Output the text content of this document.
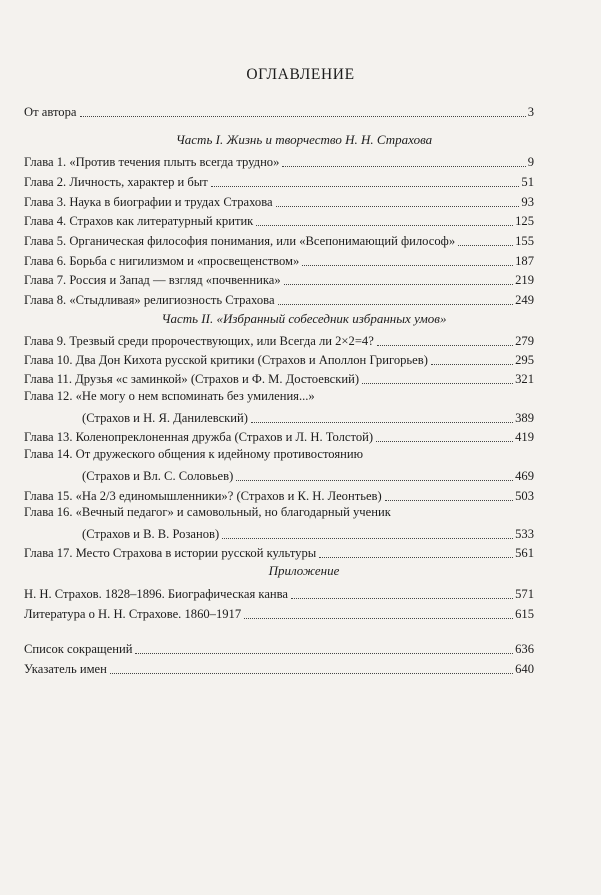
ОГЛАВЛЕНИЕ
От автора	3
Часть I. Жизнь и творчество Н. Н. Страхова
Глава 1. «Против течения плыть всегда трудно»	9
Глава 2. Личность, характер и быт	51
Глава 3. Наука в биографии и трудах Страхова	93
Глава 4. Страхов как литературный критик	125
Глава 5. Органическая философия понимания, или «Всепонимающий философ»	155
Глава 6. Борьба с нигилизмом и «просвещенством»	187
Глава 7. Россия и Запад — взгляд «почвенника»	219
Глава 8. «Стыдливая» религиозность Страхова	249
Часть II. «Избранный собеседник избранных умов»
Глава 9. Трезвый среди пророчествующих, или Всегда ли 2×2=4?	279
Глава 10. Два Дон Кихота русской критики (Страхов и Аполлон Григорьев)	295
Глава 11. Друзья «с заминкой» (Страхов и Ф. М. Достоевский)	321
Глава 12. «Не могу о нем вспоминать без умиления...»
(Страхов и Н. Я. Данилевский)	389
Глава 13. Коленопреклоненная дружба (Страхов и Л. Н. Толстой)	419
Глава 14. От дружеского общения к идейному противостоянию
(Страхов и Вл. С. Соловьев)	469
Глава 15. «На 2/3 единомышленники»? (Страхов и К. Н. Леонтьев)	503
Глава 16. «Вечный педагог» и самовольный, но благодарный ученик
(Страхов и В. В. Розанов)	533
Глава 17. Место Страхова в истории русской культуры	561
Приложение
Н. Н. Страхов. 1828–1896. Биографическая канва	571
Литература о Н. Н. Страхове. 1860–1917	615
Список сокращений	636
Указатель имен	640
